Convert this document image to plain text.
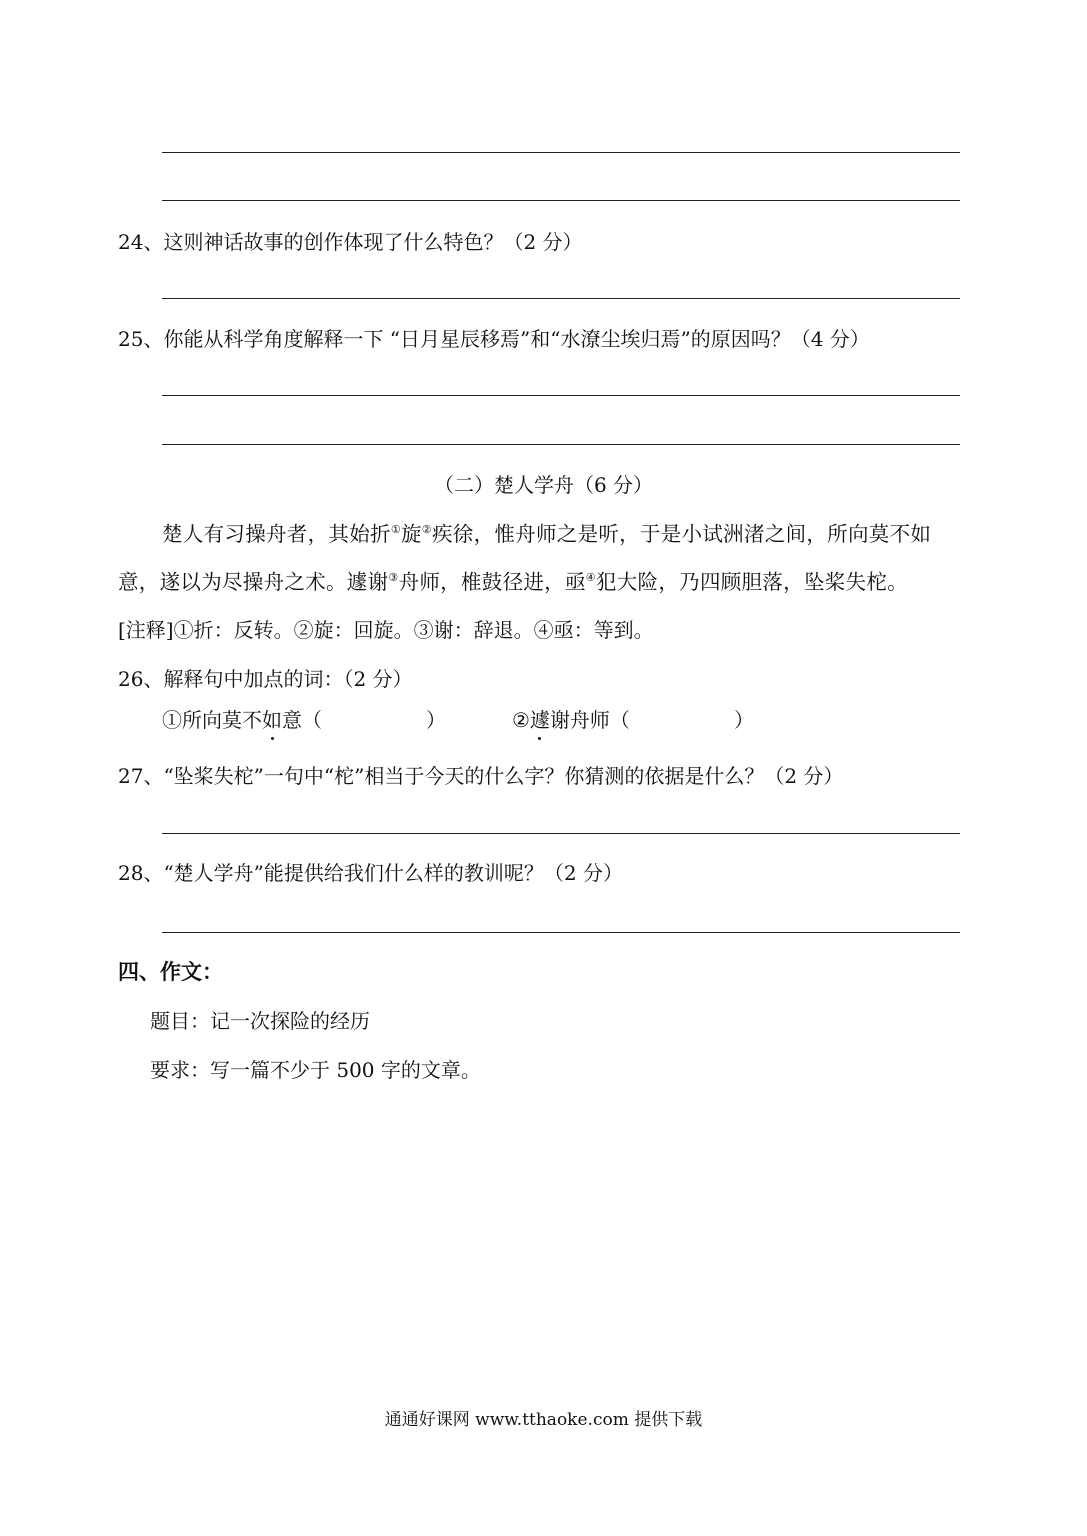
24、这则神话故事的创作体现了什么特色？（2 分）
25、你能从科学角度解释一下 “日月星辰移焉”和“水潦尘埃归焉”的原因吗？（4 分）
（二）楚人学舟（6 分）
楚人有习操舟者，其始折①旋②疾徐，惟舟师之是听，于是小试洲渚之间，所向莫不如
意，遂以为尽操舟之术。遽谢③舟师，椎鼓径进，亟④犯大险，乃四顾胆落，坠桨失柁。
[注释]①折：反转。②旋：回旋。③谢：辞退。④亟：等到。
26、解释句中加点的词：（2 分）
①所向莫不如意（	）	②遽谢舟师（	）
27、“坠桨失柁”一句中“柁”相当于今天的什么字？你猜测的依据是什么？（2 分）
28、“楚人学舟”能提供给我们什么样的教训呢？（2 分）
四、作文：
题目：记一次探险的经历
要求：写一篇不少于 500 字的文章。
通通好课网 www.tthaoke.com 提供下载
